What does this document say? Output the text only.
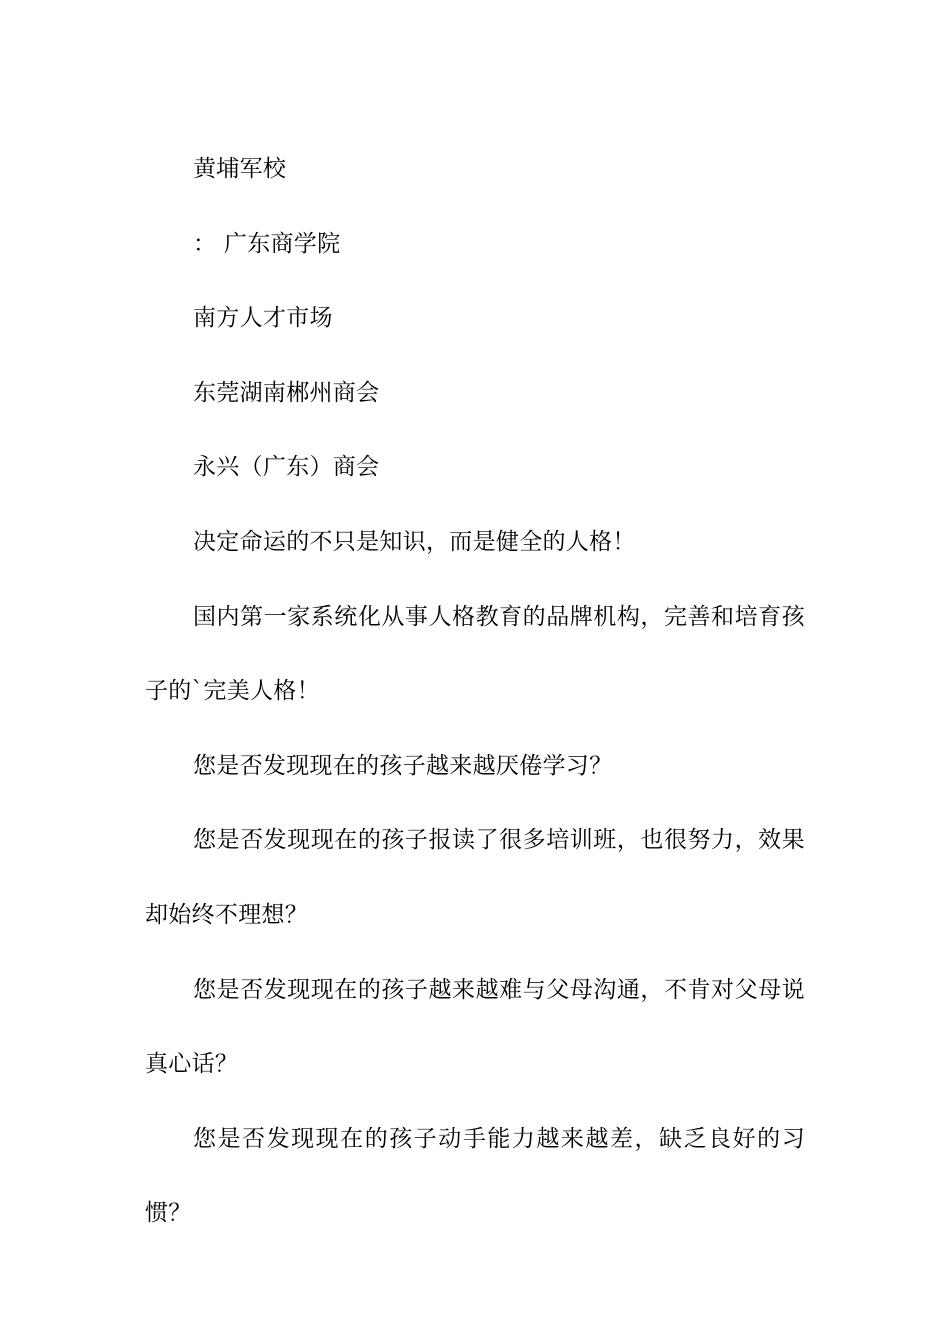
黄埔军校

： 广东商学院

南方人才市场

东莞湖南郴州商会

永兴（广东）商会

决定命运的不只是知识，而是健全的人格！

国内第一家系统化从事人格教育的品牌机构，完善和培育孩子的`完美人格！

您是否发现现在的孩子越来越厌倦学习？

您是否发现现在的孩子报读了很多培训班，也很努力，效果却始终不理想？

您是否发现现在的孩子越来越难与父母沟通，不肯对父母说真心话？

您是否发现现在的孩子动手能力越来越差，缺乏良好的习惯？
